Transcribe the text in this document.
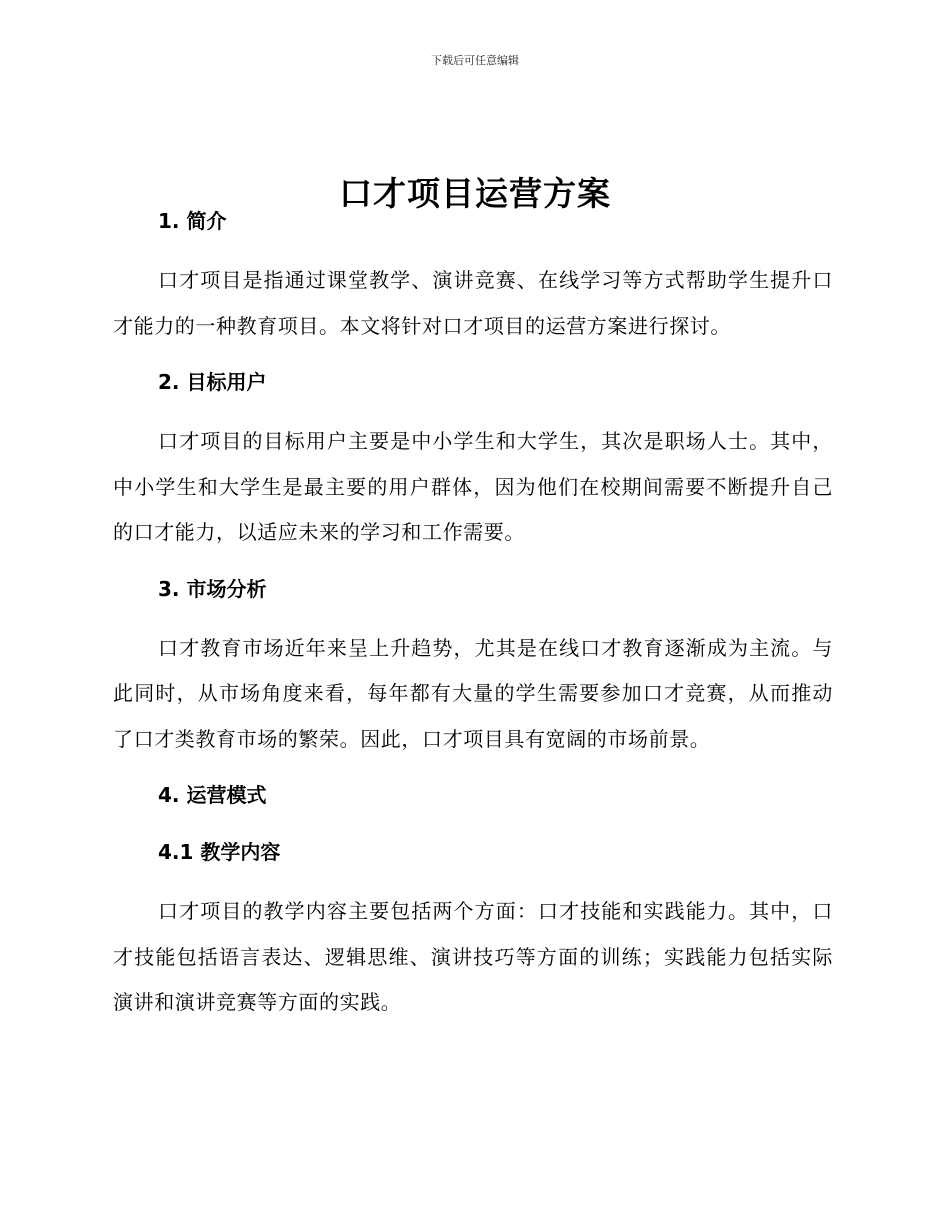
下载后可任意编辑
口才项目运营方案
1. 简介

口才项目是指通过课堂教学、演讲竞赛、在线学习等方式帮助学生提升口才能力的一种教育项目。本文将针对口才项目的运营方案进行探讨。

2. 目标用户

口才项目的目标用户主要是中小学生和大学生，其次是职场人士。其中，中小学生和大学生是最主要的用户群体，因为他们在校期间需要不断提升自己的口才能力，以适应未来的学习和工作需要。

3. 市场分析

口才教育市场近年来呈上升趋势，尤其是在线口才教育逐渐成为主流。与此同时，从市场角度来看，每年都有大量的学生需要参加口才竞赛，从而推动了口才类教育市场的繁荣。因此，口才项目具有宽阔的市场前景。

4. 运营模式
4.1 教学内容

口才项目的教学内容主要包括两个方面：口才技能和实践能力。其中，口才技能包括语言表达、逻辑思维、演讲技巧等方面的训练；实践能力包括实际演讲和演讲竞赛等方面的实践。
